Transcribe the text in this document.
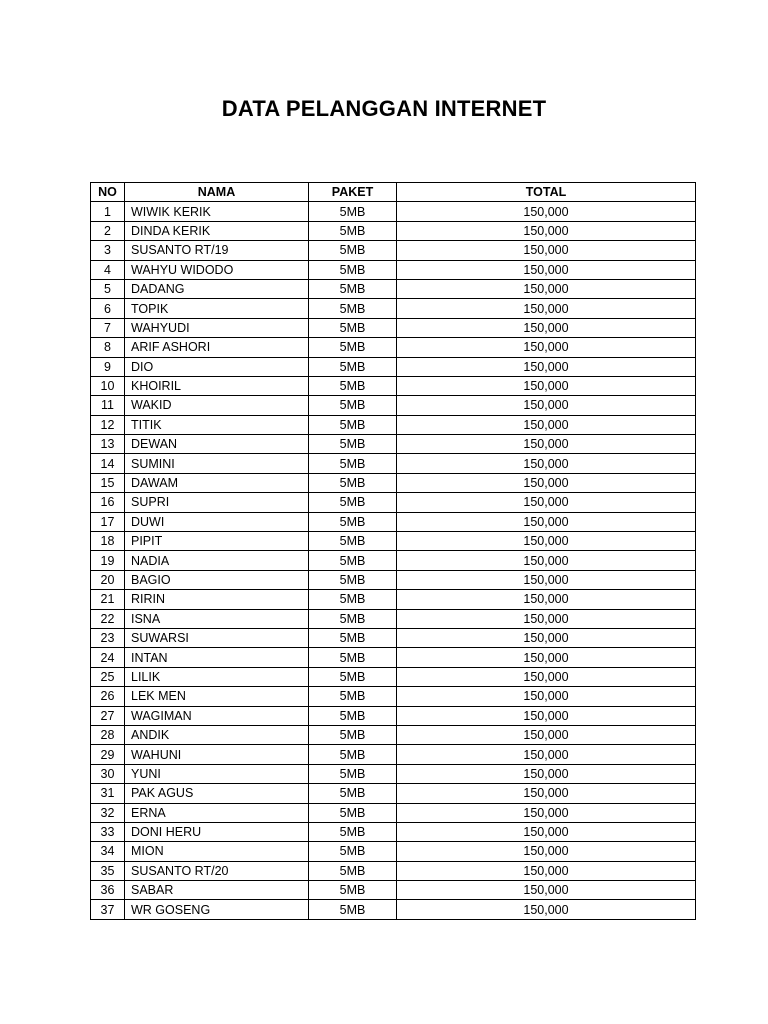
DATA PELANGGAN INTERNET
NO	NAMA	PAKET	TOTAL
1	WIWIK KERIK	5MB	150,000
2	DINDA KERIK	5MB	150,000
3	SUSANTO RT/19	5MB	150,000
4	WAHYU WIDODO	5MB	150,000
5	DADANG	5MB	150,000
6	TOPIK	5MB	150,000
7	WAHYUDI	5MB	150,000
8	ARIF ASHORI	5MB	150,000
9	DIO	5MB	150,000
10	KHOIRIL	5MB	150,000
11	WAKID	5MB	150,000
12	TITIK	5MB	150,000
13	DEWAN	5MB	150,000
14	SUMINI	5MB	150,000
15	DAWAM	5MB	150,000
16	SUPRI	5MB	150,000
17	DUWI	5MB	150,000
18	PIPIT	5MB	150,000
19	NADIA	5MB	150,000
20	BAGIO	5MB	150,000
21	RIRIN	5MB	150,000
22	ISNA	5MB	150,000
23	SUWARSI	5MB	150,000
24	INTAN	5MB	150,000
25	LILIK	5MB	150,000
26	LEK MEN	5MB	150,000
27	WAGIMAN	5MB	150,000
28	ANDIK	5MB	150,000
29	WAHUNI	5MB	150,000
30	YUNI	5MB	150,000
31	PAK AGUS	5MB	150,000
32	ERNA	5MB	150,000
33	DONI HERU	5MB	150,000
34	MION	5MB	150,000
35	SUSANTO RT/20	5MB	150,000
36	SABAR	5MB	150,000
37	WR GOSENG	5MB	150,000
